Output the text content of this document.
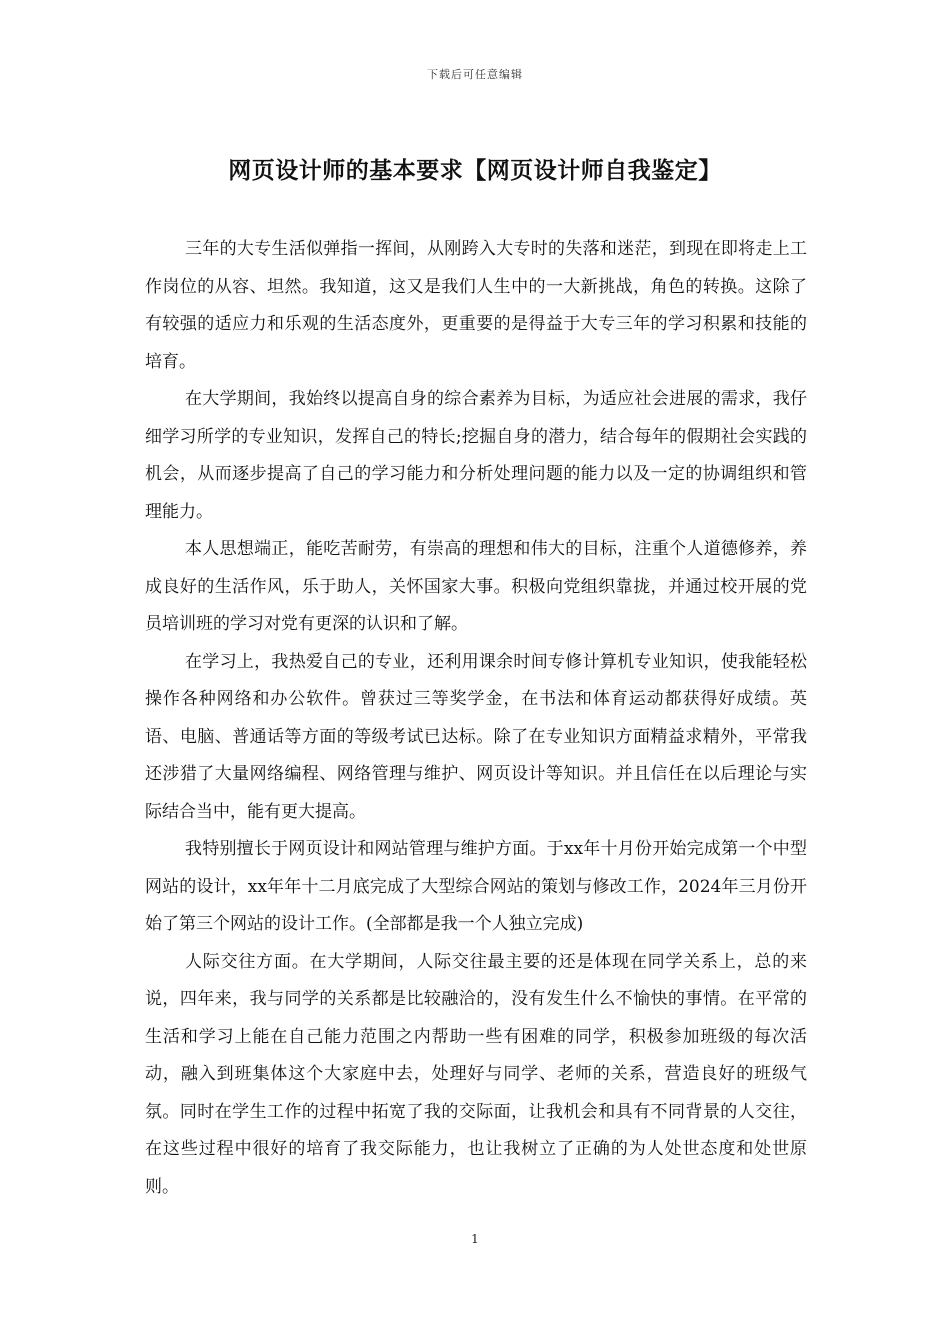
下载后可任意编辑
网页设计师的基本要求【网页设计师自我鉴定】

三年的大专生活似弹指一挥间，从刚跨入大专时的失落和迷茫，到现在即将走上工作岗位的从容、坦然。我知道，这又是我们人生中的一大新挑战，角色的转换。这除了有较强的适应力和乐观的生活态度外，更重要的是得益于大专三年的学习积累和技能的培育。

在大学期间，我始终以提高自身的综合素养为目标，为适应社会进展的需求，我仔细学习所学的专业知识，发挥自己的特长;挖掘自身的潜力，结合每年的假期社会实践的机会，从而逐步提高了自己的学习能力和分析处理问题的能力以及一定的协调组织和管理能力。

本人思想端正，能吃苦耐劳，有崇高的理想和伟大的目标，注重个人道德修养，养成良好的生活作风，乐于助人，关怀国家大事。积极向党组织靠拢，并通过校开展的党员培训班的学习对党有更深的认识和了解。

在学习上，我热爱自己的专业，还利用课余时间专修计算机专业知识，使我能轻松操作各种网络和办公软件。曾获过三等奖学金，在书法和体育运动都获得好成绩。英语、电脑、普通话等方面的等级考试已达标。除了在专业知识方面精益求精外，平常我还涉猎了大量网络编程、网络管理与维护、网页设计等知识。并且信任在以后理论与实际结合当中，能有更大提高。

我特别擅长于网页设计和网站管理与维护方面。于xx年十月份开始完成第一个中型网站的设计，xx年年十二月底完成了大型综合网站的策划与修改工作，2024年三月份开始了第三个网站的设计工作。(全部都是我一个人独立完成)

人际交往方面。在大学期间，人际交往最主要的还是体现在同学关系上，总的来说，四年来，我与同学的关系都是比较融洽的，没有发生什么不愉快的事情。在平常的生活和学习上能在自己能力范围之内帮助一些有困难的同学，积极参加班级的每次活动，融入到班集体这个大家庭中去，处理好与同学、老师的关系，营造良好的班级气氛。同时在学生工作的过程中拓宽了我的交际面，让我机会和具有不同背景的人交往，在这些过程中很好的培育了我交际能力，也让我树立了正确的为人处世态度和处世原则。

1
